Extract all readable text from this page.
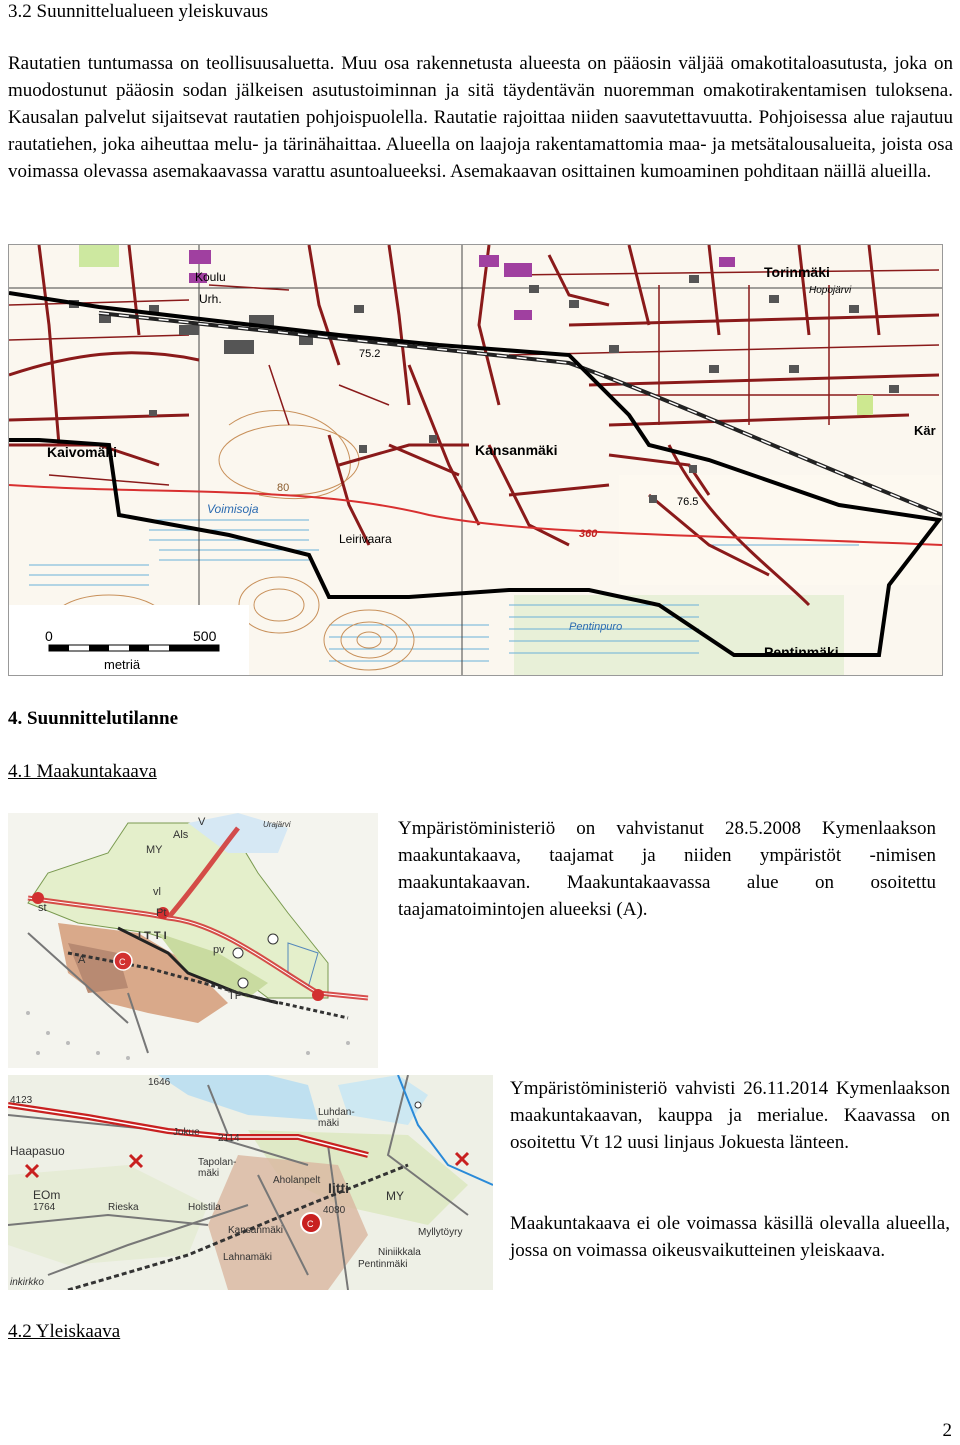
3.2 Suunnittelualueen yleiskuvaus
Rautatien tuntumassa on teollisuusaluetta. Muu osa rakennetusta alueesta on pääosin väljää omakotitaloasutusta, joka on muodostunut pääosin sodan jälkeisen asutustoiminnan ja sitä täydentävän nuoremman omakotirakentamisen tuloksena. Kausalan palvelut sijaitsevat rautatien pohjoispuolella. Rautatie rajoittaa niiden saavutettavuutta. Pohjoisessa alue rajautuu rautatiehen, joka aiheuttaa melu- ja tärinähaittaa. Alueella on laajoja rakentamattomia maa- ja metsätalousalueita, joista osa voimassa olevassa asemakaavassa varattu asuntoalueeksi. Asemakaavan osittainen kumoaminen pohditaan näillä alueilla.
Koulu
Urh.
Torinmäki
Hopojärvi
Kaivomäki	Kansanmäki
Voimisoja
Leirivaara
Pentinpuro
Pentinmäki
Kär
75.2
76.5
80
360
0	500
metriä
4. Suunnittelutilanne
4.1 Maakuntakaava
Als
V
MY
st
vl
Pt
A	C
pv
TP
I T T I
Urajärvi	Ympäristöministeriö on vahvistanut 28.5.2008 Kymenlaakson maakuntakaava, taajamat ja niiden ympäristöt -nimisen maakuntakaavan. Maakuntakaavassa alue on osoitettu taajamatoimintojen alueeksi (A).
4123
1646
2114
4080
1764
Haapasuo
EOm
Jokue
Tapolan-mäki
Luhdan-mäki
Holstila
Rieska
Iitti
Kansanmäki
Lahnamäki	Niniikkala
Pentinmäki
Myllytöyry
inkirkko
Aholanpelt
MY
C
Ympäristöministeriö vahvisti 26.11.2014 Kymenlaakson maakuntakaavan, kauppa ja merialue. Kaavassa on osoitettu Vt 12 uusi linjaus Jokuesta länteen.
Maakuntakaava ei ole voimassa käsillä olevalla alueella, jossa on voimassa oikeusvaikutteinen yleiskaava.
4.2 Yleiskaava
2
